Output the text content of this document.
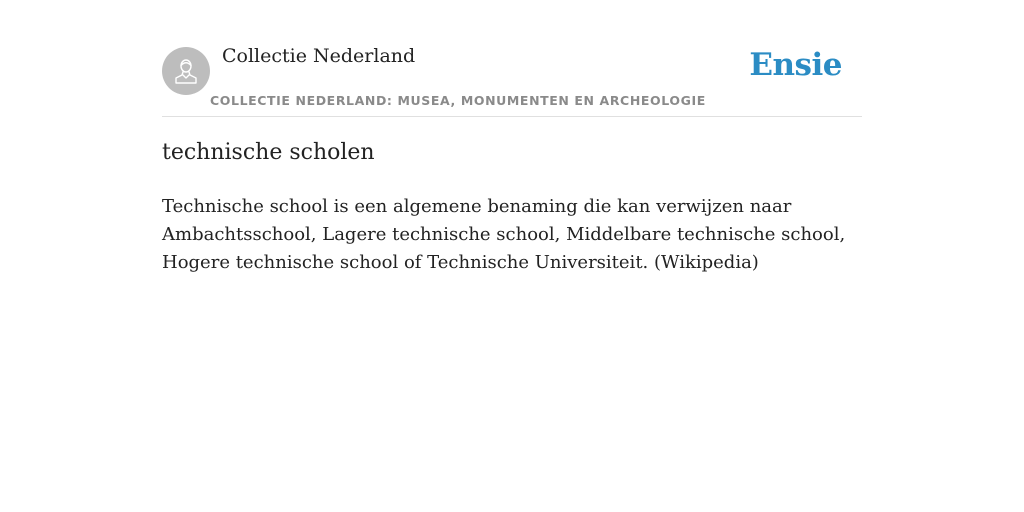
Collectie Nederland
COLLECTIE NEDERLAND: MUSEA, MONUMENTEN EN ARCHEOLOGIE
Ensie
technische scholen

Technische school is een algemene benaming die kan verwijzen naar Ambachtsschool, Lagere technische school, Middelbare technische school, Hogere technische school of Technische Universiteit. (Wikipedia)
